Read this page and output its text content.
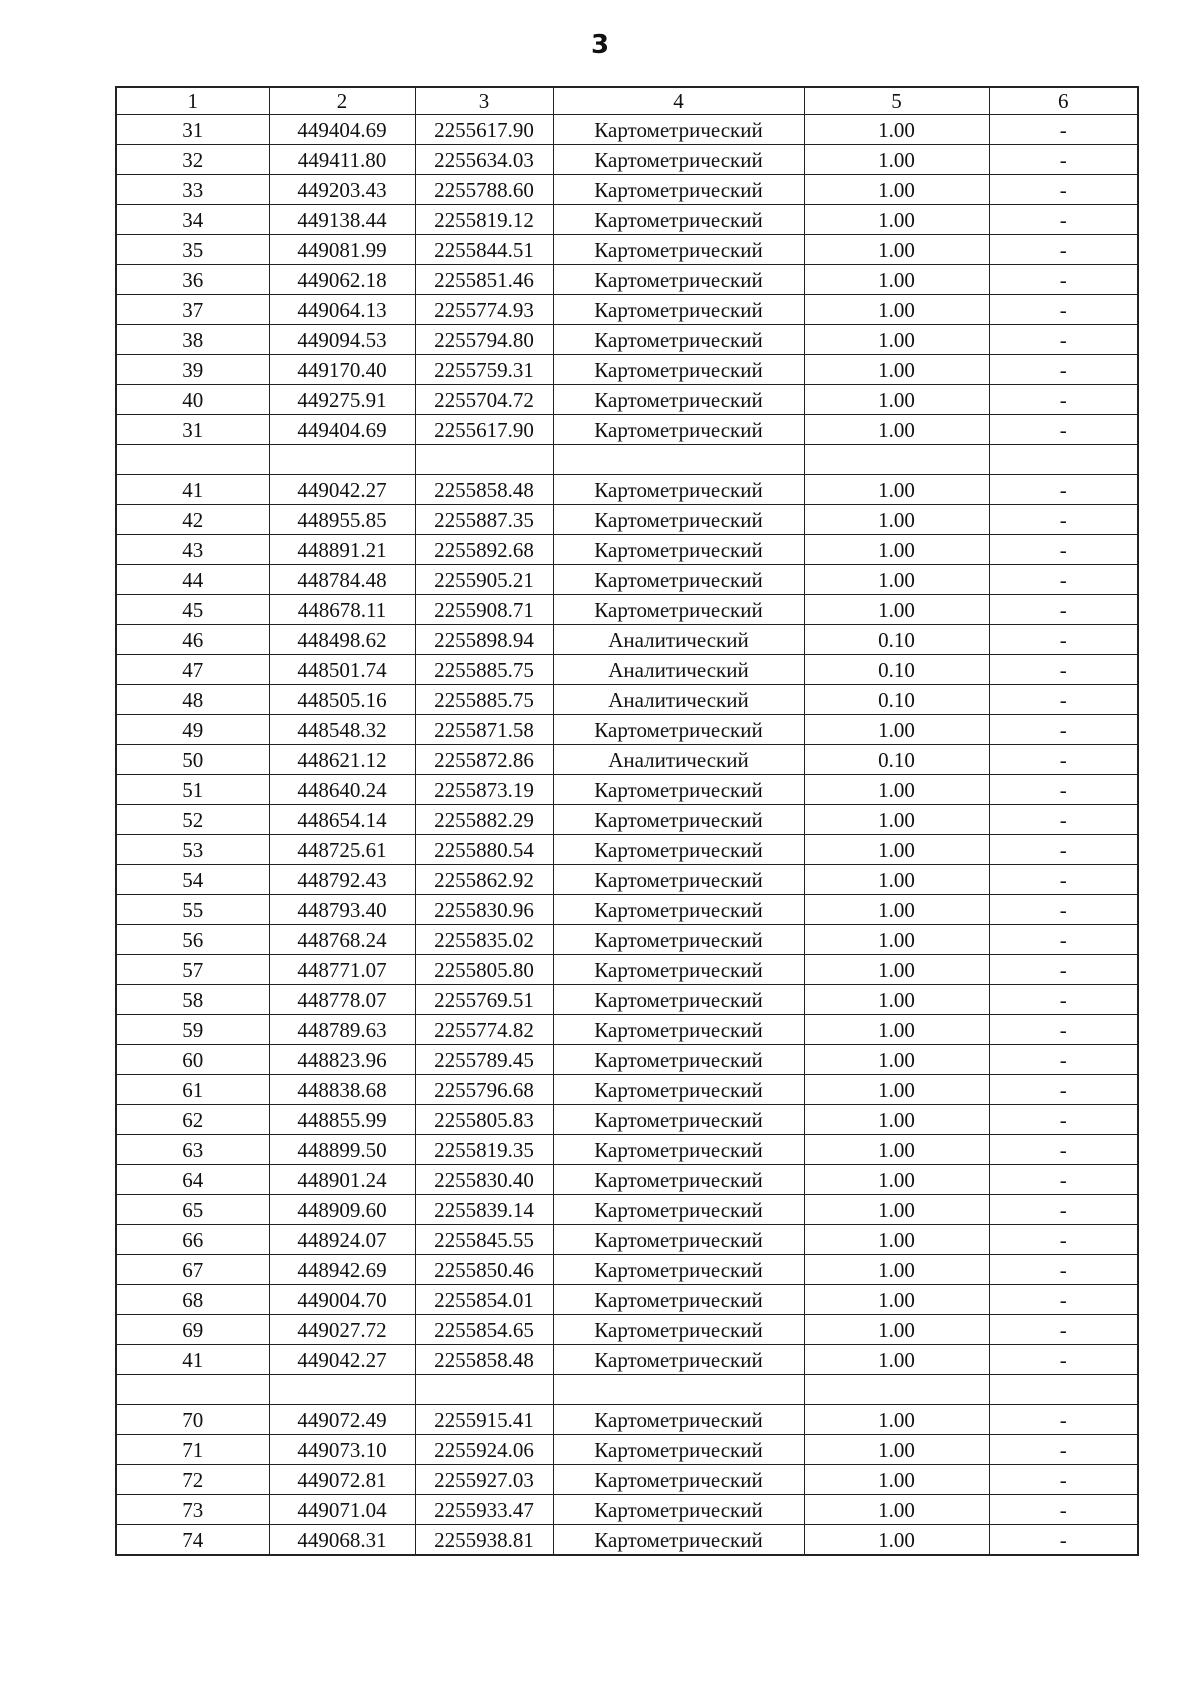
3
1	2	3	4	5	6
31	449404.69	2255617.90	Картометрический	1.00	-
32	449411.80	2255634.03	Картометрический	1.00	-
33	449203.43	2255788.60	Картометрический	1.00	-
34	449138.44	2255819.12	Картометрический	1.00	-
35	449081.99	2255844.51	Картометрический	1.00	-
36	449062.18	2255851.46	Картометрический	1.00	-
37	449064.13	2255774.93	Картометрический	1.00	-
38	449094.53	2255794.80	Картометрический	1.00	-
39	449170.40	2255759.31	Картометрический	1.00	-
40	449275.91	2255704.72	Картометрический	1.00	-
31	449404.69	2255617.90	Картометрический	1.00	-

41	449042.27	2255858.48	Картометрический	1.00	-
42	448955.85	2255887.35	Картометрический	1.00	-
43	448891.21	2255892.68	Картометрический	1.00	-
44	448784.48	2255905.21	Картометрический	1.00	-
45	448678.11	2255908.71	Картометрический	1.00	-
46	448498.62	2255898.94	Аналитический	0.10	-
47	448501.74	2255885.75	Аналитический	0.10	-
48	448505.16	2255885.75	Аналитический	0.10	-
49	448548.32	2255871.58	Картометрический	1.00	-
50	448621.12	2255872.86	Аналитический	0.10	-
51	448640.24	2255873.19	Картометрический	1.00	-
52	448654.14	2255882.29	Картометрический	1.00	-
53	448725.61	2255880.54	Картометрический	1.00	-
54	448792.43	2255862.92	Картометрический	1.00	-
55	448793.40	2255830.96	Картометрический	1.00	-
56	448768.24	2255835.02	Картометрический	1.00	-
57	448771.07	2255805.80	Картометрический	1.00	-
58	448778.07	2255769.51	Картометрический	1.00	-
59	448789.63	2255774.82	Картометрический	1.00	-
60	448823.96	2255789.45	Картометрический	1.00	-
61	448838.68	2255796.68	Картометрический	1.00	-
62	448855.99	2255805.83	Картометрический	1.00	-
63	448899.50	2255819.35	Картометрический	1.00	-
64	448901.24	2255830.40	Картометрический	1.00	-
65	448909.60	2255839.14	Картометрический	1.00	-
66	448924.07	2255845.55	Картометрический	1.00	-
67	448942.69	2255850.46	Картометрический	1.00	-
68	449004.70	2255854.01	Картометрический	1.00	-
69	449027.72	2255854.65	Картометрический	1.00	-
41	449042.27	2255858.48	Картометрический	1.00	-

70	449072.49	2255915.41	Картометрический	1.00	-
71	449073.10	2255924.06	Картометрический	1.00	-
72	449072.81	2255927.03	Картометрический	1.00	-
73	449071.04	2255933.47	Картометрический	1.00	-
74	449068.31	2255938.81	Картометрический	1.00	-
